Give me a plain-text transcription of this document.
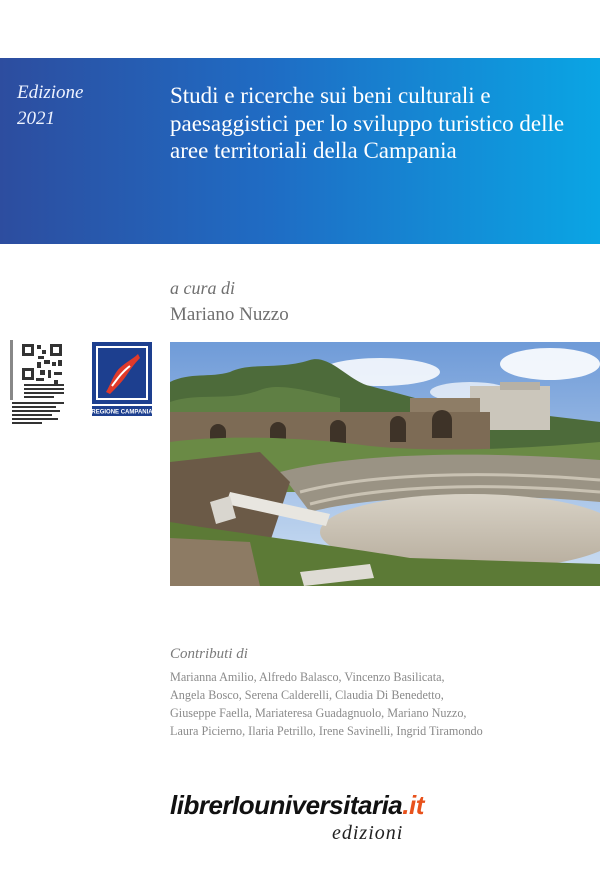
Edizione
2021
Studi e ricerche sui beni culturali e paesaggistici per lo sviluppo turistico delle aree territoriali della Campania
a cura di
Mariano Nuzzo
REGIONE CAMPANIA
Contributi di
Marianna Amilio, Alfredo Balasco, Vincenzo Basilicata,
Angela Bosco, Serena Calderelli, Claudia Di Benedetto,
Giuseppe Faella, Mariateresa Guadagnuolo, Mariano Nuzzo,
Laura Picierno, Ilaria Petrillo, Irene Savinelli, Ingrid Tiramondo
librerIouniversitaria.it
edizioni
